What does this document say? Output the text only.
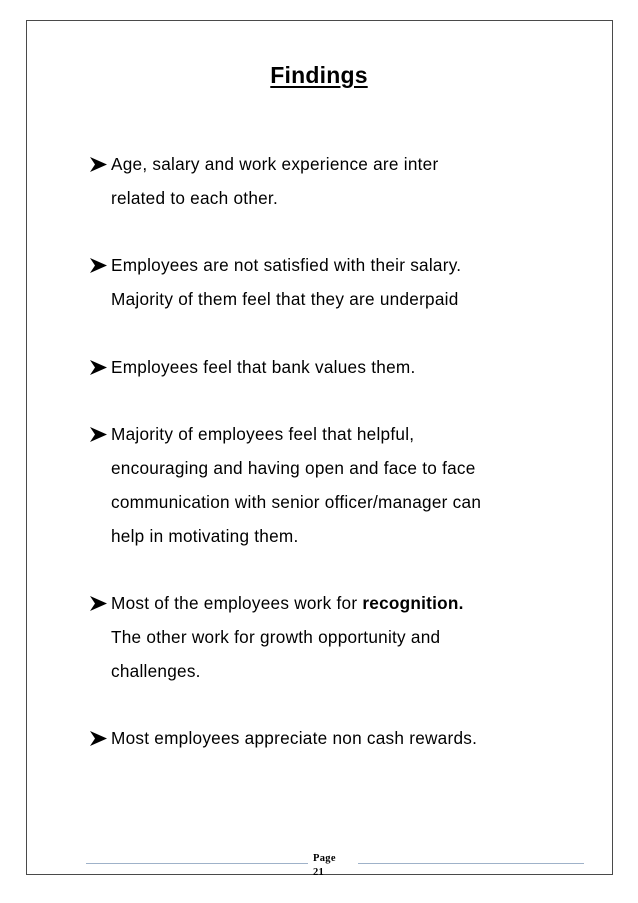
Findings

Age, salary and work experience are inter
related to each other.

Employees are not satisfied with their salary.
Majority of them feel that they are underpaid

Employees feel that bank values them.

Majority of employees feel that helpful,
encouraging and having open and face to face
communication with senior officer/manager can
help in motivating them.

Most of the employees work for recognition.
The other work for growth opportunity and
challenges.

Most employees appreciate non cash rewards.

Page
21
